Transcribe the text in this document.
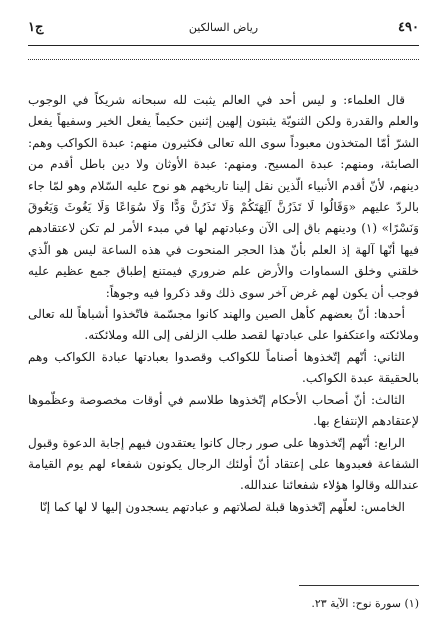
٤٩٠
رياض السالكين
ج١

قال العلماء: و ليس أحد في العالم يثبت لله سبحانه شريكاً في الوجوب والعلم والقدرة ولكن الثنويّة يثبتون إلهين إثنين حكيماً يفعل الخير وسفيهاً يفعل الشرّ أمّا المتخذون معبوداً سوى الله تعالى فكثيرون منهم: عبدة الكواكب وهم: الصابئة، ومنهم: عبدة المسيح. ومنهم: عبدة الأوثان ولا دين باطل أقدم من دينهم، لأنّ أقدم الأنبياء الّذين نقل إلينا تاريخهم هو نوح عليه السّلام وهو لمّا جاء بالردّ عليهم «وَقَالُوا لَا تَذَرُنَّ آلِهَتَكُمْ وَلَا تَذَرُنَّ وَدًّا وَلَا سُوَاعًا وَلَا يَغُوثَ وَيَعُوقَ وَنَسْرًا» (١) ودينهم باق إلى الآن وعبادتهم لها في مبدء الأمر لم تكن لاعتقادهم فيها أنّها آلهة إذ العلم بأنّ هذا الحجر المنحوت في هذه الساعة ليس هو الّذي خلقني وخلق السماوات والأرض علم ضروري فيمتنع إطباق جمع عظيم عليه فوجب أن يكون لهم غرض آخر سوى ذلك وقد ذكروا فيه وجوهاً:

أحدها: أنّ بعضهم كأهل الصين والهند كانوا مجسّمة فاتّخذوا أشباهاً لله تعالى وملائكته واعتكفوا على عبادتها لقصد طلب الزلفى إلى الله وملائكته.

الثاني: أنّهم إتّخذوها أصناماً للكواكب وقصدوا بعبادتها عبادة الكواكب وهم بالحقيقة عبدة الكواكب.

الثالث: أنّ أصحاب الأحكام إتّخذوها طلاسم في أوقات مخصوصة وعظّموها لإعتقادهم الإنتفاع بها.

الرابع: أنّهم إتّخذوها على صور رجال كانوا يعتقدون فيهم إجابة الدعوة وقبول الشفاعة فعبدوها على إعتقاد أنّ أولئك الرجال يكونون شفعاء لهم يوم القيامة عندالله وقالوا هؤلاء شفعائنا عندالله.

الخامس: لعلّهم إتّخذوها قبلة لصلاتهم و عبادتهم يسجدون إليها لا لها كما إنّا

(١) سورة نوح: الآية ٢٣.
